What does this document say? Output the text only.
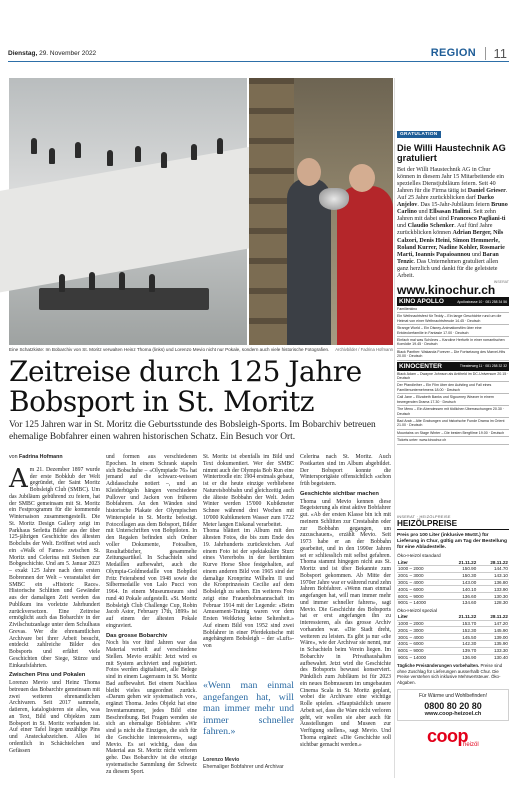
Dienstag, 29. November 2022	REGION 11
Eine Schatzkiste: Im Bobarchiv von St. Moritz verwalten Heinz Thoma (links) und Lorenzo Mevio nicht nur Pokale, sondern auch viele historische Fotografien. Archivbilder / Fadrina Hofmann
Zeitreise durch 125 Jahre
Bobsport in St. Moritz
Vor 125 Jahren war in St. Moritz die Geburtsstunde des Bobsleigh-Sports. Im Bobarchiv betreuen ehemalige Bobfahrer einen wahren historischen Schatz. Ein Besuch vor Ort.
von Fadrina Hofmann
A m 21. Dezember 1897 wurde der erste Bobklub der Welt gegründet, der Saint Moritz Bobsleigh Club (SMBC). Um das Jubiläum gebührend zu feiern, hat der SMBC gemeinsam mit St. Moritz ein Festprogramm für die kommende Wintersaison zusammengestellt. Die St. Moritz Design Gallery zeigt im Parkhaus Serletta Bilder aus der über 125-jährigen Geschichte des ältesten Bobclubs der Welt. Eröffnet wird auch ein «Walk of Fame» zwischen St. Moritz und Celerina mit Steinen zur Bobgeschichte. Und am 5. Januar 2023 – exakt 125 Jahre nach dem ersten Bobrennen der Welt – veranstaltet der SMBC ein «Historic Race». Historische Schlitten und Gewänder aus der damaligen Zeit werden das Publikum ins vorletzte Jahrhundert zurückversetzen. Eine Zeitreise ermöglicht auch das Bobarchiv in der Zivilschutzanlage unter dem Schulhaus Grevas. Wer die ehrenamtlichen Archivare bei ihrer Arbeit besucht, entdeckt zahlreiche Bilder des Bobsports und erfährt viele Geschichten über Siege, Stürze und Einkaufsfahrten.

Zwischen Pins und Pokalen

Lorenzo Mevio und Heinz Thoma betreuen das Bobarchiv gemeinsam mit zwei weiteren ehrenamtlichen Archivaren. Seit 2017 sammeln, datieren, katalogisieren sie alles, was an Text, Bild und Objekten zum Bobsport in St. Moritz vorhanden ist. Auf einer Tafel liegen unzählige Pins und Ansteckabzeichen. Alles ist ordentlich in Schächtelchen und Gefässen

und formen aus verschiedenen Epochen. In einem Schrank stapeln sich Bobschuhe – «Olympiade 76» hat jemand auf die schwarz-weissen Adidasschuhe notiert –, und an Kleiderbügeln hängen verschiedene Pullover und Jacken von früheren Bobfahrern. An den Wänden sind historische Plakate der Olympischen Winterspiele in St. Moritz befestigt. Fotocollagen aus dem Bobsport, Bilder mit Unterschriften von Bobpiloten. In den Regalen befinden sich Ordner voller Dokumente, Fotoalben, Resultatbücher, gesammelte Zeitungsartikel. In Schachteln sind Medaillen aufbewahrt, auch die Olympia-Goldmedaille von Bobpilot Fritz Feierabend von 1948 sowie die Silbermedaille von Lalo Pucci von 1964. In einem Museumsraum sind rund 40 Pokale aufgestellt. «St. Moritz Bobsleigh Club Challenge Cup, Robin Jacob Astor, February 17th, 1899» ist auf einem der ältesten Pokale eingraviert.

Das grosse Bobarchiv

Noch bis vor fünf Jahren war das Material verteilt auf verschiedene Stellen. Mevio erzählt: Jetzt wird es mit System archiviert und registriert. Fotos werden digitalisiert, alle Belege sind in einem Lagerraum in St. Moritz Bad aufbewahrt. Bei einem Nachlass bleibt vieles ungeordnet zurück. «Darum gehen wir systematisch vor», ergänzt Thoma. Jedes Objekt hat eine Inventarnummer, jedes Bild eine Beschreibung. Bei Fragen wenden sie sich an ehemalige Bobfahrer. «Wir sind ja nicht die Einzigen, die sich für die Geschichte interessieren», sagt Mevio. Es sei wichtig, dass das Material aus St. Moritz nicht verloren gehe. Das Bobarchiv ist die einzige systematische Sammlung der Schweiz zu diesem Sport.

St. Moritz ist ebenfalls im Bild und Text dokumentiert. Wer der SMBC nimmt auch der Olympia Bob Run eine Wintertrodle ein: 1904 erstmals gebaut, ist er die heute einzige verbliebene Natureisbobbahn und gleichzeitig auch die älteste Bobbahn der Welt. Jeden Winter werden 15'000 Kubikmeter Schnee während drei Wochen mit 10'000 Kubikmetern Wasser zum 1722 Meter langen Eiskanal verarbeitet.

Thoma blättert im Album mit den ältesten Fotos, die bis zum Ende des 19. Jahrhunderts zurückreichen. Auf einem Foto ist der spektakuläre Sturz eines Viererbobs in der berühmten Kurve Horse Shoe festgehalten, auf einem anderen Bild von 1965 sind der damalige Kronprinz Wilhelm II und die Kronprinzessin Cecilie auf dem Bobsleigh zu sehen. Ein weiteres Foto zeigt eine Frauenbobmannschaft im Februar 1914 mit der Legende: «Beim Amusement-Trainig waren vor dem Ersten Weltkrieg keine Seltenheit.» Auf einem Bild von 1952 sind zwei Bobfahrer in einer Pferdekutsche mit angehängtem Bobsleigh – der «Luft»-von

«Wenn man einmal angefangen hat, will man immer mehr und immer schneller fahren.»
Lorenzo Mevio
Ehemaliger Bobfahrer und Archivar

Celerina nach St. Moritz. Auch Postkarten sind im Album abgebildet. Der Bobsport konnte die Wintersportgäste offensichtlich «schon früh begeistern.

Geschichte sichtbar machen

Thoma und Mevio kennen diese Begeisterung als einst aktive Bobfahrer gut. «Ab der ersten Klasse bin ich mit meinem Schlitten zur Crestabahn oder zur Bobbahn gegangen, um zuzuschauen», erzählt Mevio. Seit 1973 habe er an der Bobbahn gearbeitet, und in den 1990er Jahren sei er schliesslich mit selbst gefahren. Thoma stammt hingegen nicht aus St. Moritz und ist über Bekannte zum Bobsport gekommen. Ab Mitte der 1970er Jahre war er während rund zehn Jahren Bobfahrer. «Wenn man einmal angefangen hat, will man immer mehr und immer schneller fahren», sagt Mevio. Die Geschichte des Bobsports hat er erst angefangen ihn zu interessieren, als das grosse Archiv vorhanden war. «Die Stadt dreht, weiteren zu leisten. Es gibt ja nur «die Wäre», wie der Archivar sie nennt, nur in Schachteln beim Verein liegen. Im Bobarchiv in Privathaushalten aufbewahrt. Jetzt wird die Geschichte des Bobsports bewusst konserviert. Pünktlich zum Jubiläum ist für 2023 ein neues Bobmuseum im umgebauten Cinema Scala in St. Moritz geplant, wobei die Archivare eine wichtige Rolle spielen. «Hauptsächlich unsere Arbeit sei, dass die Ware nicht verloren geht, wir wollen sie aber auch für Ausstellungen und Museen zur Verfügung stellen», sagt Mevio. Und Thoma ergänzt: «Die Geschichte soll sichtbar gemacht werden.»

GRATULATION
Die Willi Haustechnik AG gratuliert

Bei der Willi Haustechnik AG in Chur können in diesem Jahr 15 Mitarbeitende ein spezielles Dienstjubiläum feiern. Seit 40 Jahren für die Firma tätig ist Daniel Grieser. Auf 25 Jahre zurückblicken darf Darko Anjelov. Das 15-Jahr-Jubiläum feiern Bruno Carlino und Ellsasan Halimi. Seit zehn Jahren mit dabei sind Francesco Pagliani-ti und Claudio Schenker. Auf fünf Jahre zurückblicken können Adrian Berger, Nils Calzori, Denis Heini, Simon Hemmerle, Roland Kurrer, Nadine Kohler, Rosmarie Marti, Ioannis Papaioannou und Baran Tenzic. Das Unternehmen gratuliert allen ganz herzlich und dankt für die geleistete Arbeit.

INSERAT
www.kinochur.ch
KINO APOLLO	Apollostrasse 10 · 081 258 34 56
Familienkino
Ein Weihnachtsfest für Teddy – Ein lange Geschichte rund um die Heimat von einer Weihnachtsfreude 14.45 · Deutsch
Strange World – Ein Disney-Animationsfilm über eine Entdeckerfamilie in Fantasie 17.00 · Deutsch
Einfach mal was Schönes – Karoline Herfurth in einer romantischen Komödie 19.45 · Deutsch
Black Panther: Wakanda Forever – Die Fortsetzung des Marvel-Hits 20.00 · Deutsch
KINOCENTER	Theaterweg 11 · 081 258 32 32
Black Adam – Dwayne Johnson als Antiheld im DC-Universum 20.15 · Deutsch
Der Pfandleiher – Ein Film über den Aufstieg und Fall eines Familienunternehmens 18.00 · Deutsch
Call Jane – Elizabeth Banks und Sigourney Weaver in einem bewegenden Drama 17.30 · Deutsch
The Menu – Ein Abendessen mit tödlichen Überraschungen 20.30 · Deutsch
Bad Arab – Alte Grabungen und historische Funde Drama im Orient 21.00 · Deutsch
Mountains on Stage Winter – Die besten Bergfilme 19.00 · Deutsch
Tickets unter: www.kinochur.ch
INSERAT · HEIZÖLPREISE
HEIZÖLPREISE
Preis pro 100 Liter (inklusive MwSt.) für Lieferung in Chur, gültig am Tag der Bestellung für eine Abladestelle.
Öko-Heizöl standard
Liter	21.11.22	28.11.22
1000 – 2000	150.90	144.70
2001 – 3000	150.30	143.10
3001 – 4000	143.00	136.80
4001 – 6000	140.10	133.90
6001 – 9000	136.60	130.30
9001 – 14000	134.60	128.30
Öko-Heizöl spezial
Liter	21.11.22	28.11.22
1000 – 2000	153.70	147.20
2001 – 3000	152.30	145.90
3001 – 4000	145.50	139.00
4001 – 6000	142.30	135.90
6001 – 9000	139.70	133.30
9001 – 14000	136.90	130.40
Tägliche Preisänderungen vorbehalten. Preise sind ohne Zuschlag für Lieferungen ausserhalb Chur. Die Preise verstehen sich inklusive Mehrwertsteuer. Öko-Abgaben.
Für Wärme und Wohlbefinden!
0800 80 20 80
www.coop-heizoel.ch
coop
heizöl
